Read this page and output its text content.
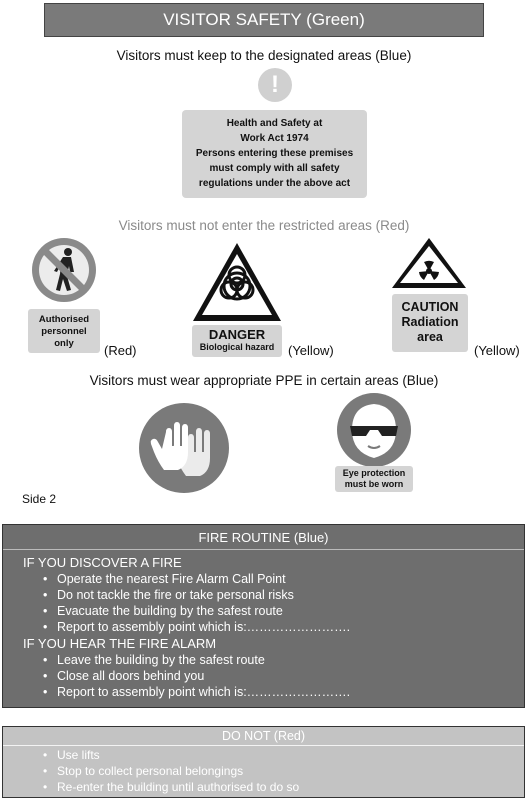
VISITOR SAFETY (Green)
Visitors must keep to the designated areas (Blue)
!
Health and Safety at
Work Act 1974
Persons entering these premises
must comply with all safety
regulations under the above act
Visitors must not enter the restricted areas (Red)
Authorised
personnel
only	(Red)
DANGER
Biological hazard	(Yellow)
CAUTION
Radiation
area
(Yellow)
Visitors must wear appropriate PPE in certain areas (Blue)
Eye protection
must be worn
Side 2
FIRE ROUTINE (Blue)
IF YOU DISCOVER A FIRE
• Operate the nearest Fire Alarm Call Point
• Do not tackle the fire or take personal risks
• Evacuate the building by the safest route
• Report to assembly point which is:…………………….
IF YOU HEAR THE FIRE ALARM
• Leave the building by the safest route
• Close all doors behind you
• Report to assembly point which is:…………………….
DO NOT (Red)
• Use lifts
• Stop to collect personal belongings
• Re-enter the building until authorised to do so
